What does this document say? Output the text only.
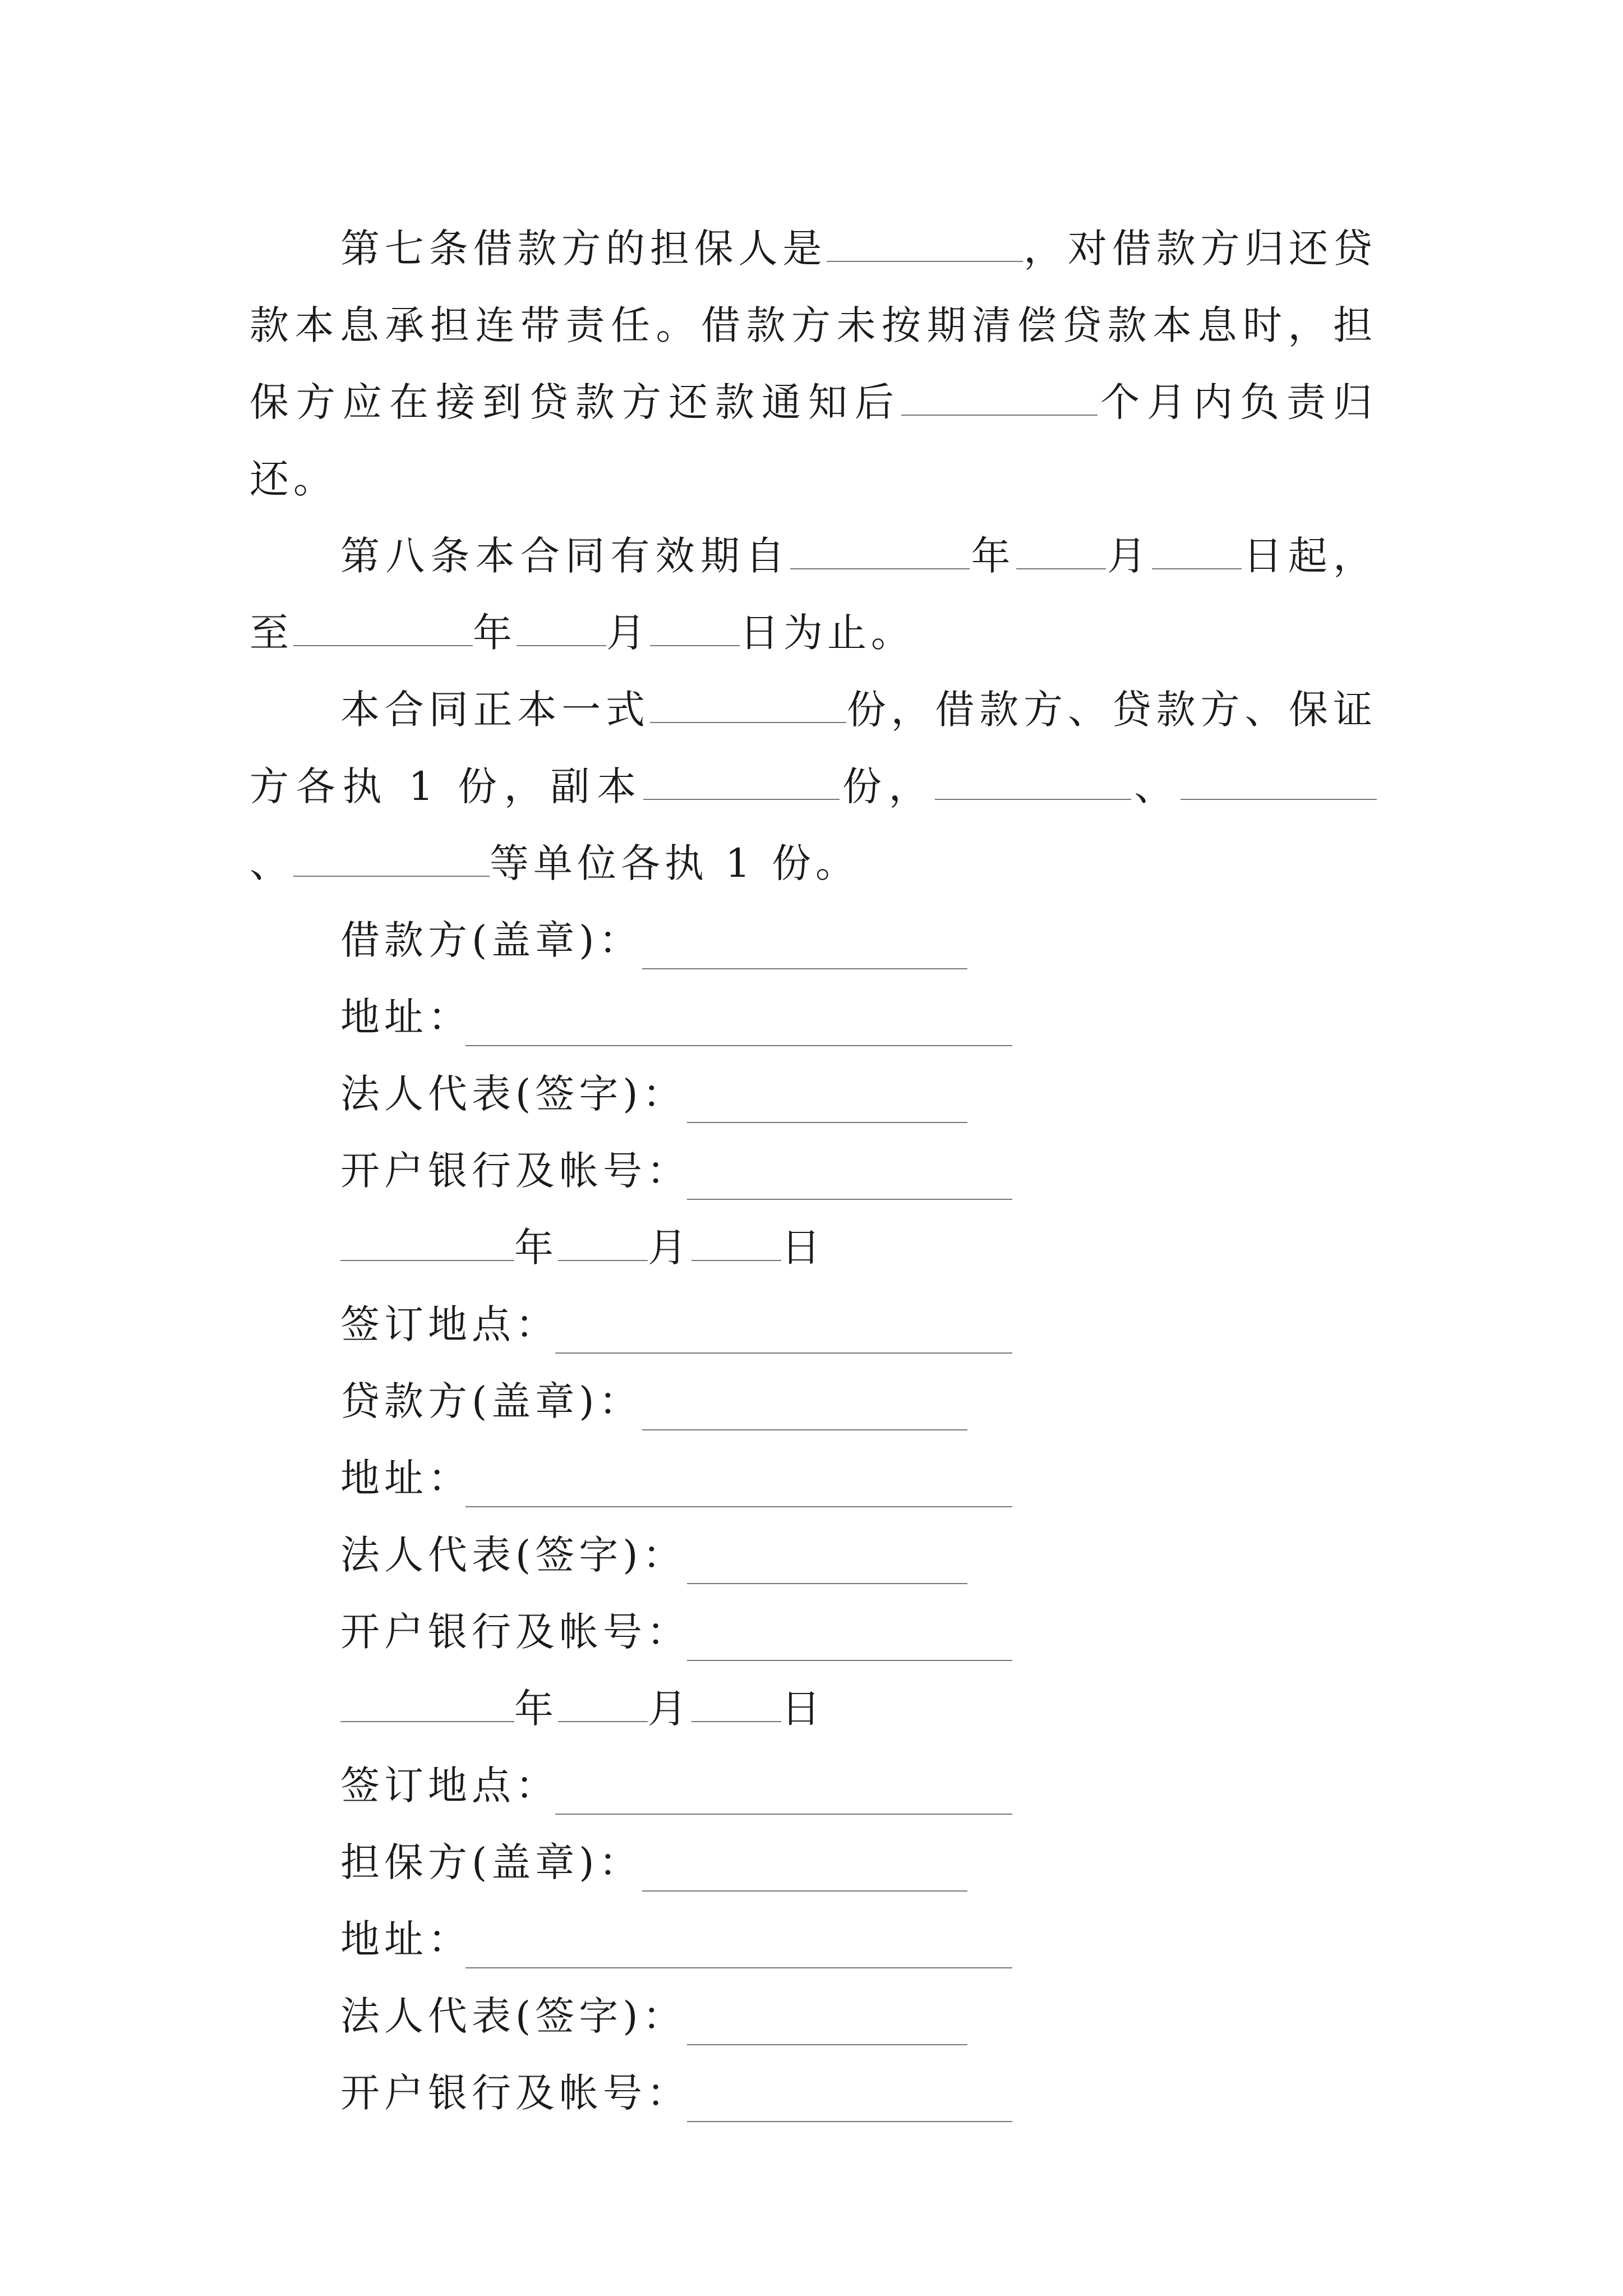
第七条借款方的担保人是	，对借款方归还贷款本息承担连带责任。借款方未按期清偿贷款本息时，担保方应在接到贷款方还款通知后	个月内负责归还。

第八条本合同有效期自	年 月 日起，至	年 月 日为止。

本合同正本一式	份，借款方、贷款方、保证方各执 1 份，副本	份，	、、	等单位各执 1 份。

借款方(盖章)：
地址：
法人代表(签字)：
开户银行及帐号：
年 月 日
签订地点：
贷款方(盖章)：
地址：
法人代表(签字)：
开户银行及帐号：
年 月 日
签订地点：
担保方(盖章)：
地址：
法人代表(签字)：
开户银行及帐号：
